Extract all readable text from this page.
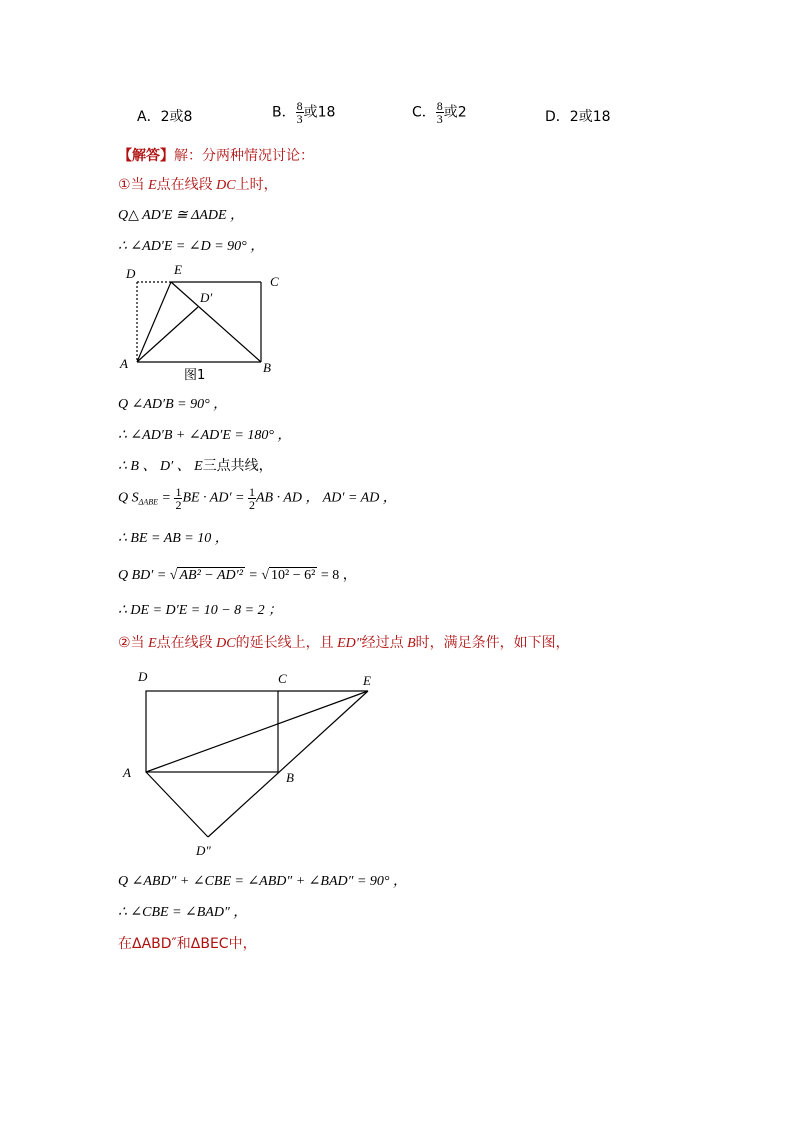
A．2或8	B． $\frac{8}{3}$ 或18	C． $\frac{8}{3}$ 或2	D．2或18
【解答】解：分两种情况讨论：
①当 E点在线段 DC上时，
Q△ AD′E ≅ ΔADE ，
∴ ∠AD′E = ∠D = 90° ，
D	E
C
D′
A	B
图1
Q ∠AD′B = 90° ，
∴ ∠AD′B + ∠AD′E = 180° ，
∴ B 、 D′ 、 E三点共线，
Q $S_{\Delta ABE} = \frac{1}{2}$ BE · $AD' = \frac{1}{2}$ AB · AD ， AD′ = AD ，
∴ BE = AB = 10 ，
Q BD′ = √ AB² − AD′² = √ 10² − 6² = 8 ，
∴ DE = D′E = 10 − 8 = 2 ；
②当 E点在线段 DC的延长线上，且 ED″经过点 B时，满足条件，如下图，
D	C	E
A	B
D″
Q ∠ABD″ + ∠CBE = ∠ABD″ + ∠BAD″ = 90° ，
∴ ∠CBE = ∠BAD″ ，
在ΔABD″和ΔBEC中，
